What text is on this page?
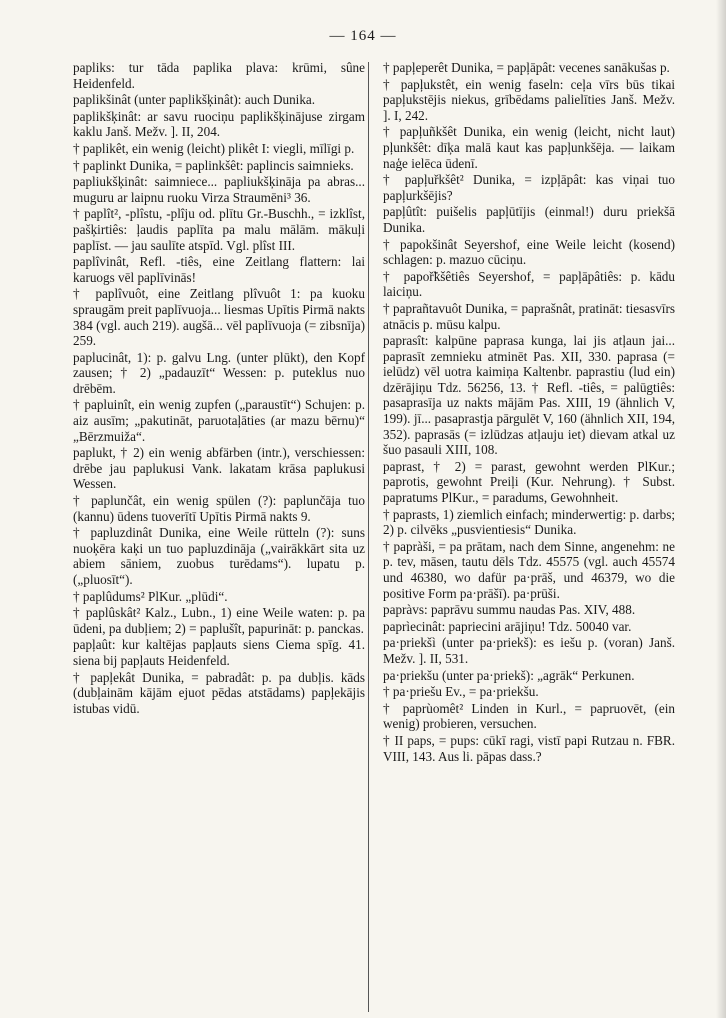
— 164 —

papliks: tur tāda paplika plava: krūmi, sûne Heidenfeld.

paplikšinât (unter paplikšķinât): auch Dunika.

paplikšķinât: ar savu ruociņu paplikšķinājuse zirgam kaklu Janš. Mežv. ]. II, 204.

† paplikêt, ein wenig (leicht) plikêt I: viegli, mīlīgi p.

† paplinkt Dunika, = paplinkšêt: paplincis saimnieks.

papliukšķinât: saimniece... papliukšķināja pa abras... muguru ar laipnu ruoku Virza Straumēni³ 36.

† paplît², -plîstu, -plîju od. plītu Gr.-Buschh., = izklîst, pašķirtiês: ļaudis paplīta pa malu mālām. mākuļi paplīst. — jau saulīte atspīd. Vgl. plîst III.

paplîvinât, Refl. -tiês, eine Zeitlang flattern: lai karuogs vēl paplīvinās!

† paplîvuôt, eine Zeitlang plîvuôt 1: pa kuoku spraugām preit paplīvuoja... liesmas Upītis Pirmā nakts 384 (vgl. auch 219). augšā... vēl paplīvuoja (= zibsnīja) 259.

paplucinât, 1): p. galvu Lng. (unter plūkt), den Kopf zausen; † 2) „padauzīt“ Wessen: p. puteklus nuo drēbēm.

† papluinît, ein wenig zupfen („paraustīt“) Schujen: p. aiz ausīm; „pakutināt, paruotaļāties (ar mazu bērnu)“ „Bērzmuiža“.

paplukt, † 2) ein wenig abfärben (intr.), verschiessen: drēbe jau paplukusi Vank. lakatam krāsa paplukusi Wessen.

† paplunčât, ein wenig spülen (?): paplunčāja tuo (kannu) ūdens tuoverītī Upītis Pirmā nakts 9.

† papluzdinât Dunika, eine Weile rütteln (?): suns nuoķēra kaķi un tuo papluzdināja („vairākkārt sita uz abiem sāniem, zuobus turēdams“). lupatu p. („pluosīt“).

† paplûdums² PlKur. „plūdi“.

† paplûskât² Kalz., Lubn., 1) eine Weile waten: p. pa ūdeni, pa dubļiem; 2) = paplušît, papurināt: p. panckas.

papļaût: kur kaltējas papļauts siens Ciema spīg. 41. siena bij papļauts Heidenfeld.

† papļekât Dunika, = pabradât: p. pa dubļis. kāds (dubļainām kājām ejuot pēdas atstādams) papļekājis istubas vidū.

† papļeperêt Dunika, = papļāpât: vecenes sanākušas p.

† papļukstêt, ein wenig faseln: ceļa vīrs būs tikai papļukstējis niekus, grībēdams palielīties Janš. Mežv. ]. I, 242.

† papļuñkšêt Dunika, ein wenig (leicht, nicht laut) pļunkšêt: dīķa malā kaut kas papļunkšēja. — laikam naģe ielēca ūdenī.

† papļuřkšêt² Dunika, = izpļāpât: kas viņai tuo papļurkšējis?

papļûtît: puišelis papļūtījis (einmal!) duru priekšā Dunika.

† papokšinât Seyershof, eine Weile leicht (kosend) schlagen: p. mazuo cūciņu.

† papoř̃kšêtiês Seyershof, = papļāpâtiês: p. kādu laiciņu.

† paprañtavuôt Dunika, = paprašnât, pratināt: tiesasvīrs atnācis p. mūsu kalpu.

paprasît: kalpūne paprasa kunga, lai jis atļaun jai... paprasīt zemnieku atminēt Pas. XII, 330. paprasa (= ielūdz) vēl uotra kaimiņa Kaltenbr. paprastiu (lud ein) dzērājiņu Tdz. 56256, 13. † Refl. -tiês, = palūgtiês: pasaprasīja uz nakts mājām Pas. XIII, 19 (ähnlich V, 199). jī... pasaprastja pārgulēt V, 160 (ähnlich XII, 194, 352). paprasās (= izlūdzas atļauju iet) dievam atkal uz šuo pasauli XIII, 108.

paprast, † 2) = parast, gewohnt werden PlKur.; paprotis, gewohnt Preiļi (Kur. Nehrung). † Subst. papratums PlKur., = paradums, Gewohnheit.

† paprasts, 1) ziemlich einfach; minderwertig: p. darbs; 2) p. cilvēks „pusvientiesis“ Dunika.

† papràši, = pa prātam, nach dem Sinne, angenehm: ne p. tev, māsen, tautu dēls Tdz. 45575 (vgl. auch 45574 und 46380, wo dafür pa·prāš, und 46379, wo die positive Form pa·prāšī). pa·prūši.

papràvs: paprāvu summu naudas Pas. XIV, 488.

paprìecinât: papriecini arājiņu! Tdz. 50040 var.

pa·priekšì (unter pa·priekš): es iešu p. (voran) Janš. Mežv. ]. II, 531.

pa·priekšu (unter pa·priekš): „agrāk“ Perkunen.

† pa·priešu Ev., = pa·priekšu.

† paprùomêt² Linden in Kurl., = papruovēt, (ein wenig) probieren, versuchen.

† II paps, = pups: cūkī ragi, vistī papi Rutzau n. FBR. VIII, 143. Aus li. pāpas dass.?
